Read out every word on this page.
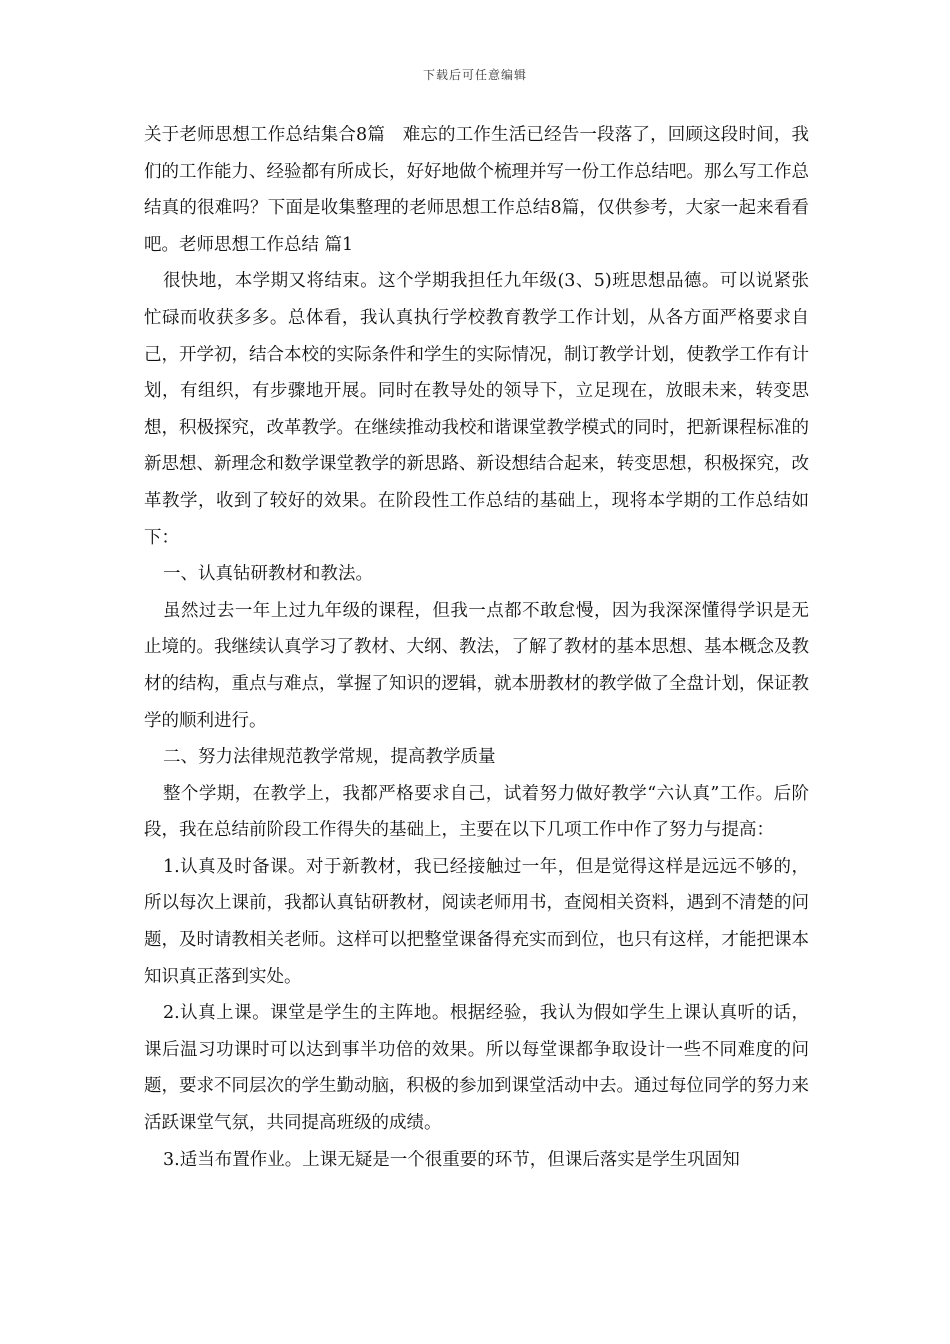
下载后可任意编辑

关于老师思想工作总结集合8篇　难忘的工作生活已经告一段落了，回顾这段时间，我们的工作能力、经验都有所成长，好好地做个梳理并写一份工作总结吧。那么写工作总结真的很难吗？下面是收集整理的老师思想工作总结8篇，仅供参考，大家一起来看看吧。老师思想工作总结 篇1

很快地，本学期又将结束。这个学期我担任九年级(3、5)班思想品德。可以说紧张忙碌而收获多多。总体看，我认真执行学校教育教学工作计划，从各方面严格要求自己，开学初，结合本校的实际条件和学生的实际情况，制订教学计划，使教学工作有计划，有组织，有步骤地开展。同时在教导处的领导下，立足现在，放眼未来，转变思想，积极探究，改革教学。在继续推动我校和谐课堂教学模式的同时，把新课程标准的新思想、新理念和数学课堂教学的新思路、新设想结合起来，转变思想，积极探究，改革教学，收到了较好的效果。在阶段性工作总结的基础上，现将本学期的工作总结如下：

一、认真钻研教材和教法。

虽然过去一年上过九年级的课程，但我一点都不敢怠慢，因为我深深懂得学识是无止境的。我继续认真学习了教材、大纲、教法，了解了教材的基本思想、基本概念及教材的结构，重点与难点，掌握了知识的逻辑，就本册教材的教学做了全盘计划，保证教学的顺利进行。

二、努力法律规范教学常规，提高教学质量

整个学期，在教学上，我都严格要求自己，试着努力做好教学“六认真”工作。后阶段，我在总结前阶段工作得失的基础上，主要在以下几项工作中作了努力与提高：

1.认真及时备课。对于新教材，我已经接触过一年，但是觉得这样是远远不够的，所以每次上课前，我都认真钻研教材，阅读老师用书，查阅相关资料，遇到不清楚的问题，及时请教相关老师。这样可以把整堂课备得充实而到位，也只有这样，才能把课本知识真正落到实处。

2.认真上课。课堂是学生的主阵地。根据经验，我认为假如学生上课认真听的话，课后温习功课时可以达到事半功倍的效果。所以每堂课都争取设计一些不同难度的问题，要求不同层次的学生勤动脑，积极的参加到课堂活动中去。通过每位同学的努力来活跃课堂气氛，共同提高班级的成绩。

3.适当布置作业。上课无疑是一个很重要的环节，但课后落实是学生巩固知
